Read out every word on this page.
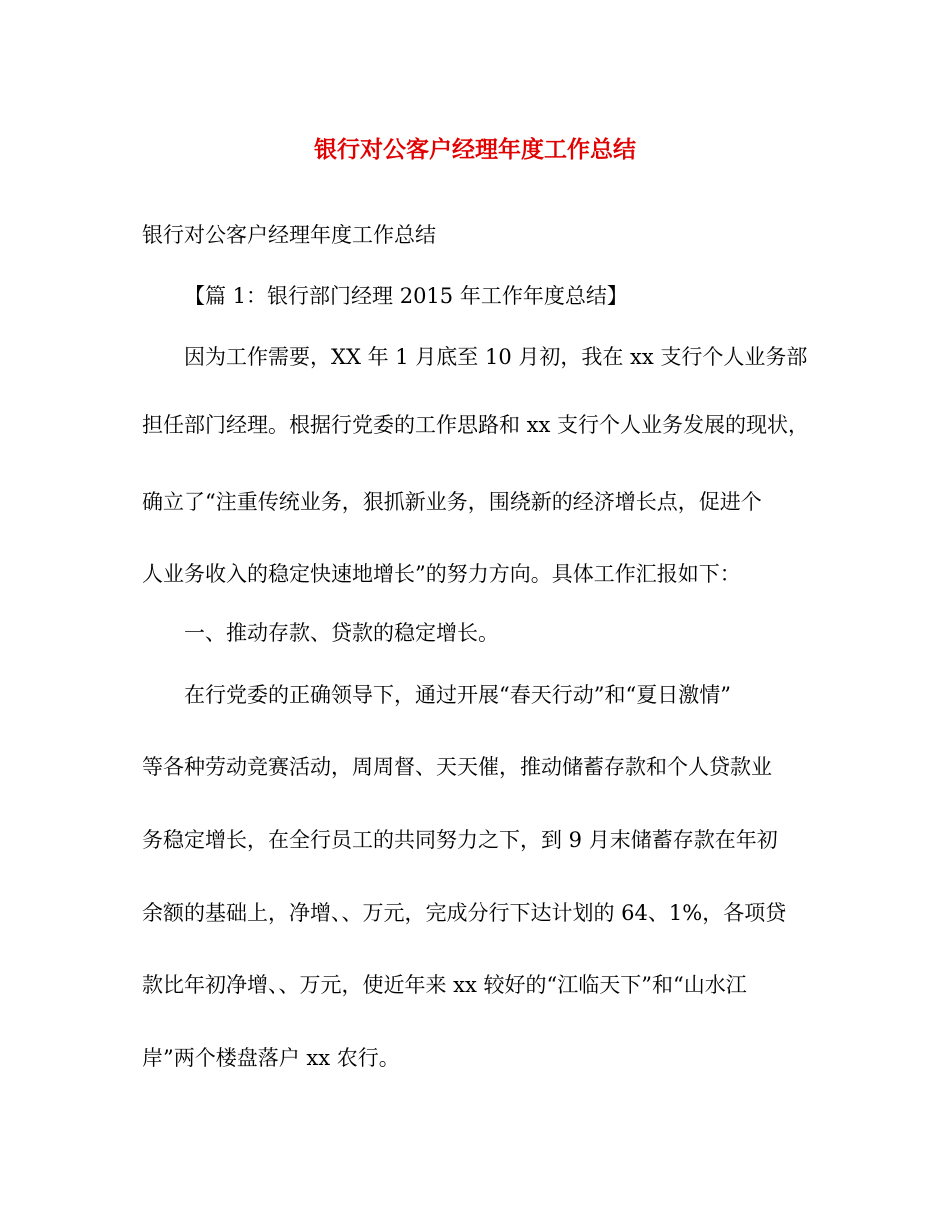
银行对公客户经理年度工作总结

银行对公客户经理年度工作总结

【篇 1：银行部门经理 2015 年工作年度总结】

因为工作需要，XX 年 1 月底至 10 月初，我在 xx 支行个人业务部

担任部门经理。根据行党委的工作思路和 xx 支行个人业务发展的现状，

确立了“注重传统业务，狠抓新业务，围绕新的经济增长点，促进个

人业务收入的稳定快速地增长”的努力方向。具体工作汇报如下：

一、推动存款、贷款的稳定增长。

在行党委的正确领导下，通过开展“春天行动”和“夏日激情”

等各种劳动竞赛活动，周周督、天天催，推动储蓄存款和个人贷款业

务稳定增长，在全行员工的共同努力之下，到 9 月末储蓄存款在年初

余额的基础上，净增、、万元，完成分行下达计划的 64、1%，各项贷

款比年初净增、、万元，使近年来 xx 较好的“江临天下”和“山水江

岸”两个楼盘落户 xx 农行。
